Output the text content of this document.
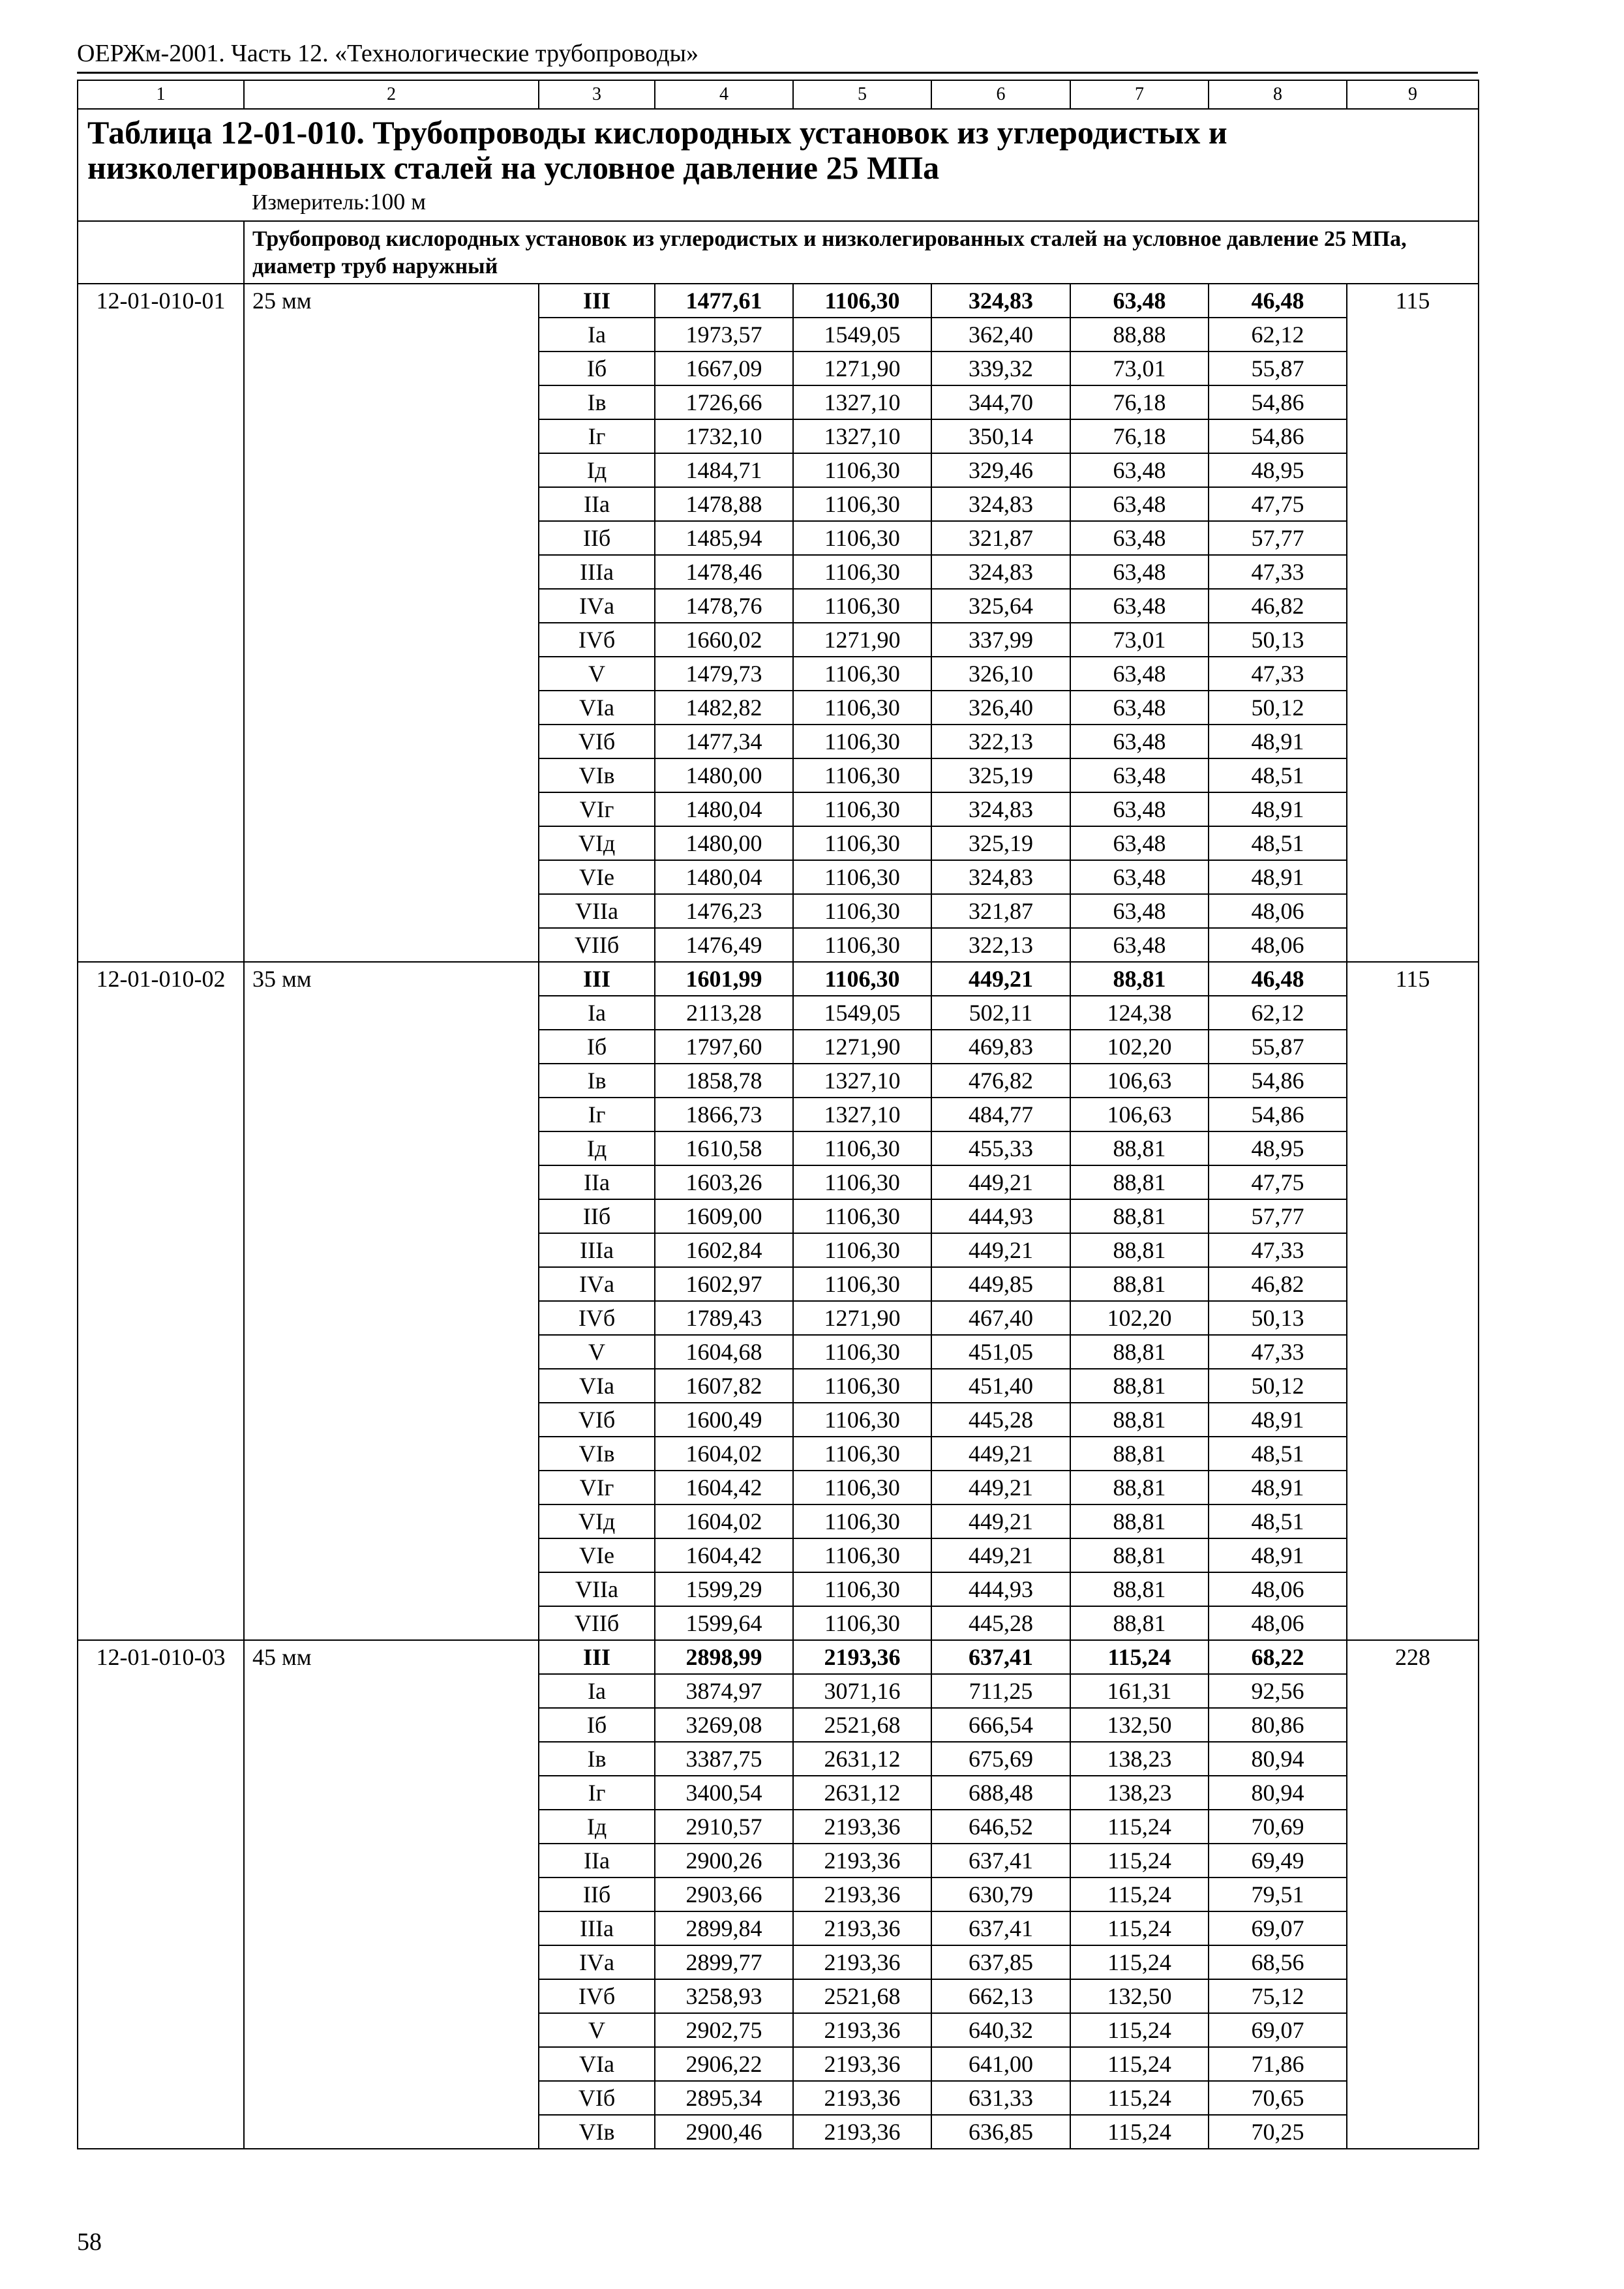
ОЕРЖм-2001. Часть 12. «Технологические трубопроводы»
1	2	3	4	5	6	7	8	9
Таблица 12-01-010. Трубопроводы кислородных установок из углеродистых и низколегированных сталей на условное давление 25 МПа								
Измеритель:100 м								
	Трубопровод кислородных установок из углеродистых и низколегированных сталей на условное давление 25 МПа, диаметр труб наружный							
12-01-010-01	25 мм	III	1477,61	1106,30	324,83	63,48	46,48	115
		Iа	1973,57	1549,05	362,40	88,88	62,12	
		Iб	1667,09	1271,90	339,32	73,01	55,87	
		Iв	1726,66	1327,10	344,70	76,18	54,86	
		Iг	1732,10	1327,10	350,14	76,18	54,86	
		Iд	1484,71	1106,30	329,46	63,48	48,95	
		IIа	1478,88	1106,30	324,83	63,48	47,75	
		IIб	1485,94	1106,30	321,87	63,48	57,77	
		IIIа	1478,46	1106,30	324,83	63,48	47,33	
		IVа	1478,76	1106,30	325,64	63,48	46,82	
		IVб	1660,02	1271,90	337,99	73,01	50,13	
		V	1479,73	1106,30	326,10	63,48	47,33	
		VIа	1482,82	1106,30	326,40	63,48	50,12	
		VIб	1477,34	1106,30	322,13	63,48	48,91	
		VIв	1480,00	1106,30	325,19	63,48	48,51	
		VIг	1480,04	1106,30	324,83	63,48	48,91	
		VIд	1480,00	1106,30	325,19	63,48	48,51	
		VIе	1480,04	1106,30	324,83	63,48	48,91	
		VIIа	1476,23	1106,30	321,87	63,48	48,06	
		VIIб	1476,49	1106,30	322,13	63,48	48,06	
12-01-010-02	35 мм	III	1601,99	1106,30	449,21	88,81	46,48	115
		Iа	2113,28	1549,05	502,11	124,38	62,12	
		Iб	1797,60	1271,90	469,83	102,20	55,87	
		Iв	1858,78	1327,10	476,82	106,63	54,86	
		Iг	1866,73	1327,10	484,77	106,63	54,86	
		Iд	1610,58	1106,30	455,33	88,81	48,95	
		IIа	1603,26	1106,30	449,21	88,81	47,75	
		IIб	1609,00	1106,30	444,93	88,81	57,77	
		IIIа	1602,84	1106,30	449,21	88,81	47,33	
		IVа	1602,97	1106,30	449,85	88,81	46,82	
		IVб	1789,43	1271,90	467,40	102,20	50,13	
		V	1604,68	1106,30	451,05	88,81	47,33	
		VIа	1607,82	1106,30	451,40	88,81	50,12	
		VIб	1600,49	1106,30	445,28	88,81	48,91	
		VIв	1604,02	1106,30	449,21	88,81	48,51	
		VIг	1604,42	1106,30	449,21	88,81	48,91	
		VIд	1604,02	1106,30	449,21	88,81	48,51	
		VIе	1604,42	1106,30	449,21	88,81	48,91	
		VIIа	1599,29	1106,30	444,93	88,81	48,06	
		VIIб	1599,64	1106,30	445,28	88,81	48,06	
12-01-010-03	45 мм	III	2898,99	2193,36	637,41	115,24	68,22	228
		Iа	3874,97	3071,16	711,25	161,31	92,56	
		Iб	3269,08	2521,68	666,54	132,50	80,86	
		Iв	3387,75	2631,12	675,69	138,23	80,94	
		Iг	3400,54	2631,12	688,48	138,23	80,94	
		Iд	2910,57	2193,36	646,52	115,24	70,69	
		IIа	2900,26	2193,36	637,41	115,24	69,49	
		IIб	2903,66	2193,36	630,79	115,24	79,51	
		IIIа	2899,84	2193,36	637,41	115,24	69,07	
		IVа	2899,77	2193,36	637,85	115,24	68,56	
		IVб	3258,93	2521,68	662,13	132,50	75,12	
		V	2902,75	2193,36	640,32	115,24	69,07	
		VIа	2906,22	2193,36	641,00	115,24	71,86	
		VIб	2895,34	2193,36	631,33	115,24	70,65	
		VIв	2900,46	2193,36	636,85	115,24	70,25	
58
